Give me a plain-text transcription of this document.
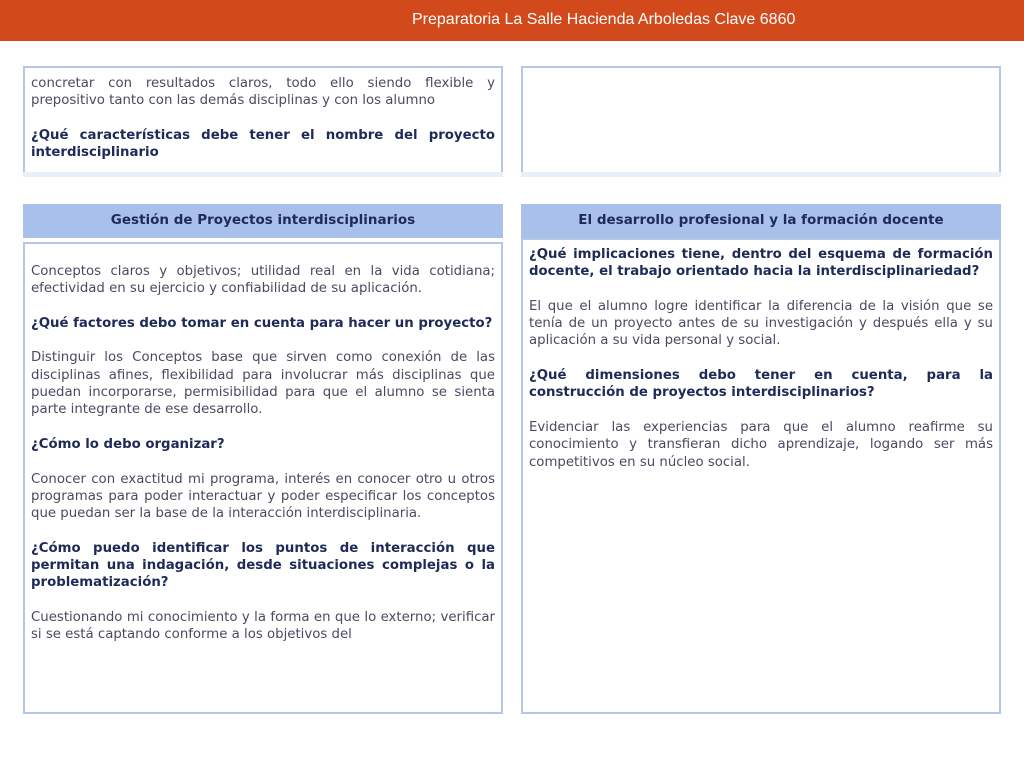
Preparatoria La Salle Hacienda Arboledas Clave 6860

concretar con resultados claros, todo ello siendo flexible y prepositivo tanto con las demás disciplinas y con los alumno

¿Qué características debe tener el nombre del proyecto interdisciplinario

Gestión de Proyectos interdisciplinarios

Conceptos claros y objetivos; utilidad real en la vida cotidiana; efectividad en su ejercicio y confiabilidad de su aplicación.

¿Qué factores debo tomar en cuenta para hacer un proyecto?

Distinguir los Conceptos base que sirven como conexión de las disciplinas afines, flexibilidad para involucrar más disciplinas que puedan incorporarse, permisibilidad para que el alumno se sienta parte integrante de ese desarrollo.

¿Cómo lo debo organizar?

Conocer con exactitud mi programa, interés en conocer otro u otros programas para poder interactuar y poder especificar los conceptos que puedan ser la base de la interacción interdisciplinaria.

¿Cómo puedo identificar los puntos de interacción que permitan una indagación, desde situaciones complejas o la problematización?

Cuestionando mi conocimiento y la forma en que lo externo; verificar si se está captando conforme a los objetivos del

El desarrollo profesional y la formación docente

¿Qué implicaciones tiene, dentro del esquema de formación docente, el trabajo orientado hacia la interdisciplinariedad?

El que el alumno logre identificar la diferencia de la visión que se tenía de un proyecto antes de su investigación y después ella y su aplicación a su vida personal y social.

¿Qué dimensiones debo tener en cuenta, para la construcción de proyectos interdisciplinarios?

Evidenciar las experiencias para que el alumno reafirme su conocimiento y transfieran dicho aprendizaje, logando ser más competitivos en su núcleo social.
